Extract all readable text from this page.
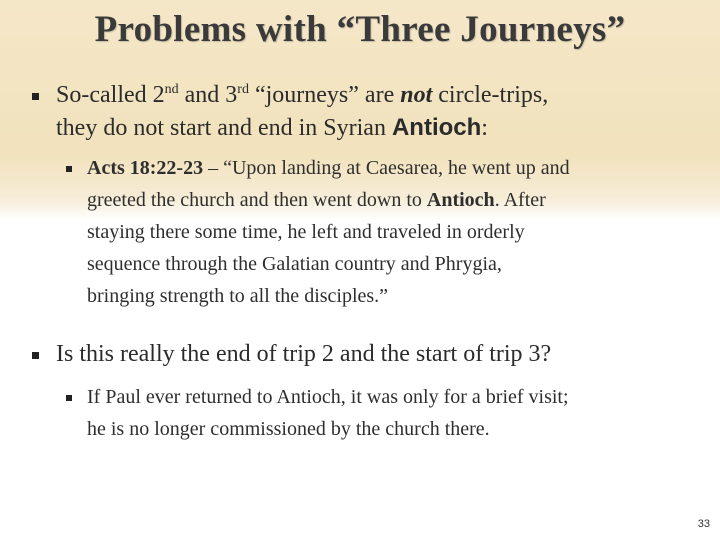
Problems with “Three Journeys”
So-called 2nd and 3rd “journeys” are not circle-trips,
they do not start and end in Syrian Antioch:
Acts 18:22-23 – “Upon landing at Caesarea, he went up and
greeted the church and then went down to Antioch. After
staying there some time, he left and traveled in orderly
sequence through the Galatian country and Phrygia,
bringing strength to all the disciples.”
Is this really the end of trip 2 and the start of trip 3?
If Paul ever returned to Antioch, it was only for a brief visit;
he is no longer commissioned by the church there.
33
